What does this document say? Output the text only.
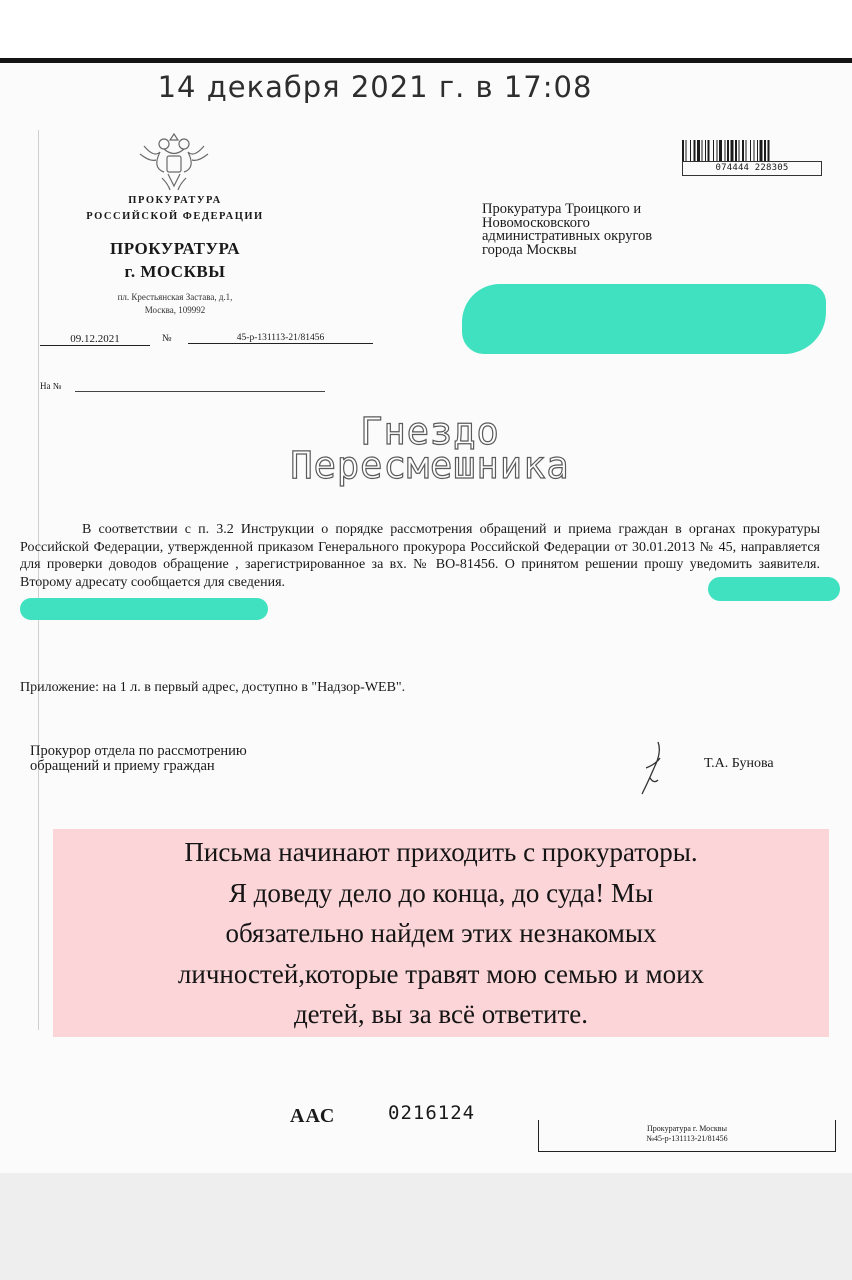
14 декабря 2021 г. в 17:08
ПРОКУРАТУРА
РОССИЙСКОЙ ФЕДЕРАЦИИ
ПРОКУРАТУРА
г. МОСКВЫ
пл. Крестьянская Застава, д.1,
Москва, 109992
09.12.2021	№	45-р-131113-21/81456
На №
074444 228305
Прокуратура Троицкого и
Новомосковского
административных округов
города Москвы
Гнездо
Пересмешника
В соответствии с п. 3.2 Инструкции о порядке рассмотрения обращений и приема граждан в органах прокуратуры Российской Федерации, утвержденной приказом Генерального прокурора Российской Федерации от 30.01.2013 № 45, направляется для проверки доводов обращение , зарегистрированное за вх. № ВО-81456. О принятом решении прошу уведомить заявителя. Второму адресату сообщается для сведения.
Приложение: на 1 л. в первый адрес, доступно в "Надзор-WEB".
Прокурор отдела по рассмотрению
обращений и приему граждан	Т.А. Бунова
Письма начинают приходить с прокураторы.
Я доведу дело до конца, до суда! Мы
обязательно найдем этих незнакомых
личностей,которые травят мою семью и моих
детей, вы за всё ответите.
ААС	0216124
Прокуратура г. Москвы
№45-р-131113-21/81456
